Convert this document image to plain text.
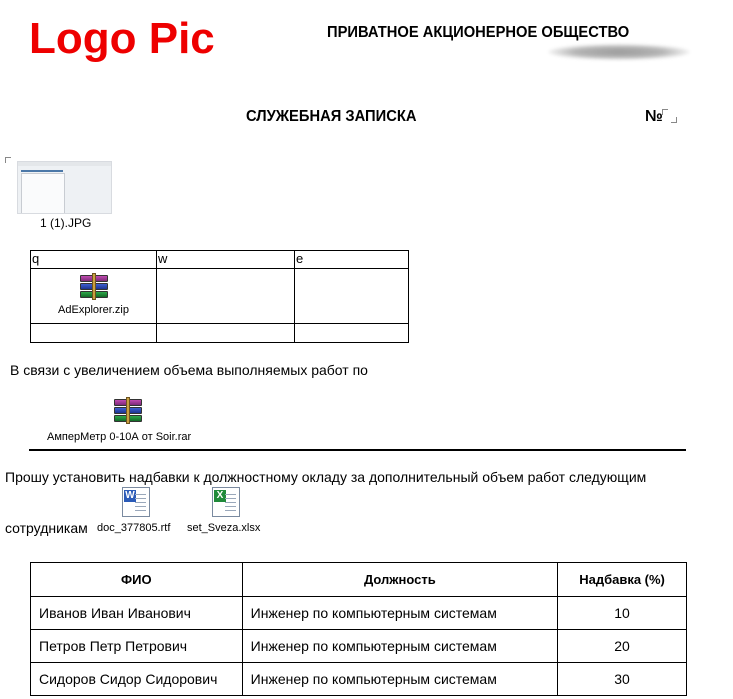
Logo Pic	ПРИВАТНОЕ АКЦИОНЕРНОЕ ОБЩЕСТВО
СЛУЖЕБНАЯ ЗАПИСКА	№
1 (1).JPG
q	w	e

AdExplorer.zip		

В связи с увеличением объема выполняемых работ по
АмперМетр 0-10А от Soir.rar
Прошу установить надбавки к должностному окладу за дополнительный объем работ следующим
W	X
сотрудникам doc_377805.rtf set_Sveza.xlsx
ФИО	Должность	Надбавка (%)
Иванов Иван Иванович	Инженер по компьютерным системам	10
Петров Петр Петрович	Инженер по компьютерным системам	20
Сидоров Сидор Сидорович	Инженер по компьютерным системам	30
